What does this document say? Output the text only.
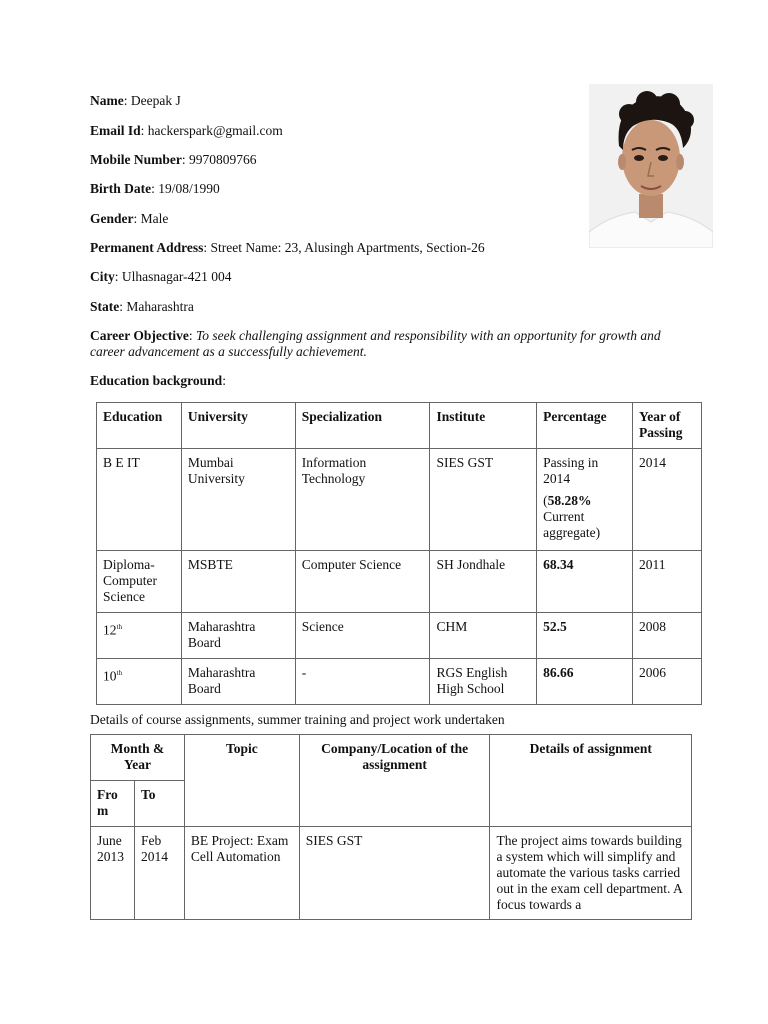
Name: Deepak J
Email Id: hackerspark@gmail.com
Mobile Number: 9970809766
Birth Date: 19/08/1990
Gender: Male
Permanent Address: Street Name: 23, Alusingh Apartments, Section-26
City: Ulhasnagar-421 004
State: Maharashtra
Career Objective: To seek challenging assignment and responsibility with an opportunity for growth and career advancement as a successfully achievement.
Education background:
Education	University	Specialization	Institute	Percentage	Year of Passing
B E IT	Mumbai University	Information Technology	SIES GST	Passing in 2014
(58.28%
Current aggregate)	2014
Diploma- Computer Science	MSBTE	Computer Science	SH Jondhale	68.34	2011
12th	Maharashtra Board	Science	CHM	52.5	2008
10th	Maharashtra Board	-	RGS English High School	86.66	2006
Details of course assignments, summer training and project work undertaken
Month & Year		Topic	Company/Location of the assignment	Details of assignment
Fro m	To			
June 2013	Feb 2014	BE Project: Exam Cell Automation	SIES GST	The project aims towards building a system which will simplify and automate the various tasks carried out in the exam cell department. A focus towards a
